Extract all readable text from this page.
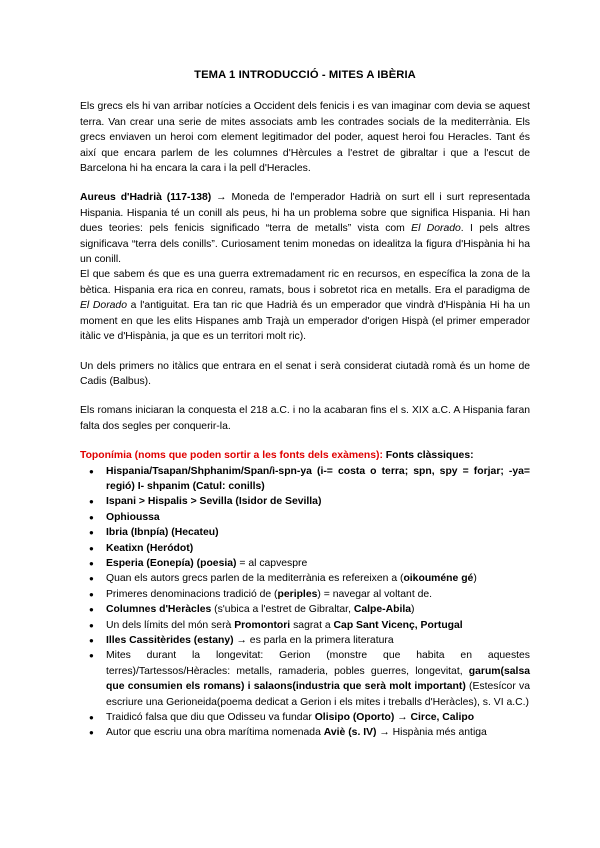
TEMA 1 INTRODUCCIÓ - MITES A IBÈRIA

Els grecs els hi van arribar notícies a Occident dels fenicis i es van imaginar com devia se aquest terra. Van crear una serie de mites associats amb les contrades socials de la mediterrània. Els grecs enviaven un heroi com element legitimador del poder, aquest heroi fou Heracles. Tant és així que encara parlem de les columnes d'Hèrcules a l'estret de gibraltar i que a l'escut de Barcelona hi ha encara la cara i la pell d'Heracles.

Aureus d'Hadrià (117-138) → Moneda de l'emperador Hadrià on surt ell i surt representada Hispania. Hispania té un conill als peus, hi ha un problema sobre que significa Hispania. Hi han dues teories: pels fenicis significado “terra de metalls” vista com El Dorado. I pels altres significava “terra dels conills”. Curiosament tenim monedas on idealitza la figura d'Hispània hi ha un conill.

El que sabem és que es una guerra extremadament ric en recursos, en específica la zona de la bètica. Hispania era rica en conreu, ramats, bous i sobretot rica en metalls. Era el paradigma de El Dorado a l'antiguitat. Era tan ric que Hadrià és un emperador que vindrà d'Hispània Hi ha un moment en que les elits Hispanes amb Trajà un emperador d'origen Hispà (el primer emperador itàlic ve d'Hispània, ja que es un territori molt ric).

Un dels primers no itàlics que entrara en el senat i serà considerat ciutadà romà és un home de Cadis (Balbus).

Els romans iniciaran la conquesta el 218 a.C. i no la acabaran fins el s. XIX a.C. A Hispania faran falta dos segles per conquerir-la.

Toponímia (noms que poden sortir a les fonts dels exàmens): Fonts clàssiques:

● Hispania/Tsapan/Shphanim/Span/ì-spn-ya (i-= costa o terra; spn, spy = forjar; -ya= regió) I- shpanim (Catul: conills)
● Ispani > Hispalis > Sevilla (Isidor de Sevilla)
● Ophioussa
● Ibria (Ibnpía) (Hecateu)
● Keatixn (Heródot)
● Esperia (Eonepía) (poesia) = al capvespre
● Quan els autors grecs parlen de la mediterrània es refereixen a (oikouméne gé)
● Primeres denominacions tradició de (periples) = navegar al voltant de.
● Columnes d'Heràcles (s'ubica a l'estret de Gibraltar, Calpe-Abila)
● Un dels límits del món serà Promontori sagrat a Cap Sant Vicenç, Portugal
● Illes Cassitèrides (estany) → es parla en la primera literatura
● Mites durant la longevitat: Gerion (monstre que habita en aquestes terres)/Tartessos/Hèracles: metalls, ramaderia, pobles guerres, longevitat, garum(salsa que consumien els romans) i salaons(industria que serà molt important) (Estesícor va escriure una Gerioneida(poema dedicat a Gerion i els mites i treballs d'Heràcles), s. VI a.C.)
● Traidicó falsa que diu que Odisseu va fundar Olisipo (Oporto) → Circe, Calipo
● Autor que escriu una obra marítima nomenada Aviè (s. IV) → Hispània més antiga
